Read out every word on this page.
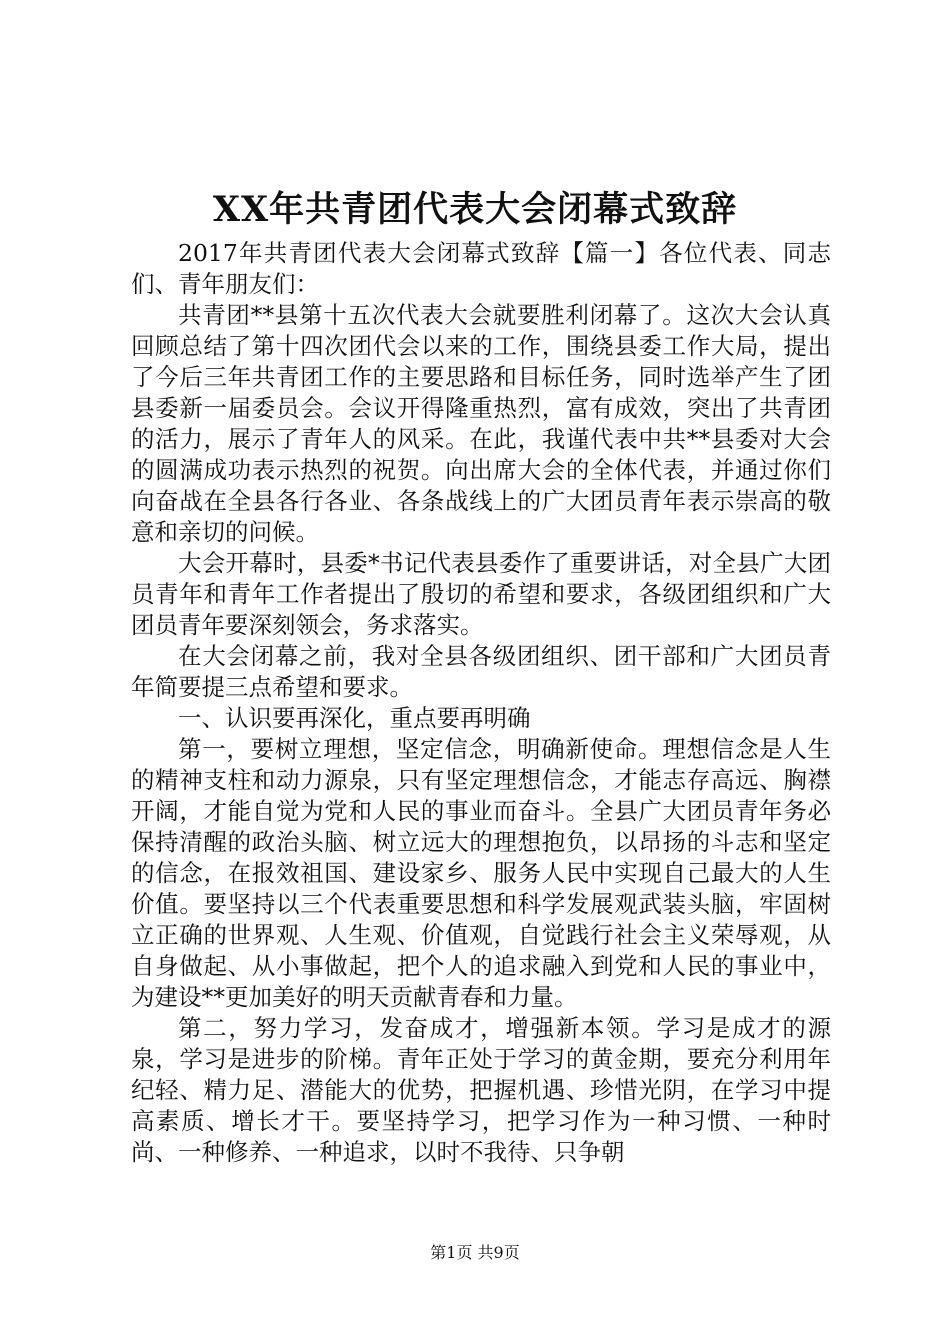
XX年共青团代表大会闭幕式致辞

2017年共青团代表大会闭幕式致辞【篇一】各位代表、同志们、青年朋友们：

共青团**县第十五次代表大会就要胜利闭幕了。这次大会认真回顾总结了第十四次团代会以来的工作，围绕县委工作大局，提出了今后三年共青团工作的主要思路和目标任务，同时选举产生了团县委新一届委员会。会议开得隆重热烈，富有成效，突出了共青团的活力，展示了青年人的风采。在此，我谨代表中共**县委对大会的圆满成功表示热烈的祝贺。向出席大会的全体代表，并通过你们向奋战在全县各行各业、各条战线上的广大团员青年表示崇高的敬意和亲切的问候。

大会开幕时，县委*书记代表县委作了重要讲话，对全县广大团员青年和青年工作者提出了殷切的希望和要求，各级团组织和广大团员青年要深刻领会，务求落实。

在大会闭幕之前，我对全县各级团组织、团干部和广大团员青年简要提三点希望和要求。

一、认识要再深化，重点要再明确

第一，要树立理想，坚定信念，明确新使命。理想信念是人生的精神支柱和动力源泉，只有坚定理想信念，才能志存高远、胸襟开阔，才能自觉为党和人民的事业而奋斗。全县广大团员青年务必保持清醒的政治头脑、树立远大的理想抱负，以昂扬的斗志和坚定的信念，在报效祖国、建设家乡、服务人民中实现自己最大的人生价值。要坚持以三个代表重要思想和科学发展观武装头脑，牢固树立正确的世界观、人生观、价值观，自觉践行社会主义荣辱观，从自身做起、从小事做起，把个人的追求融入到党和人民的事业中，为建设**更加美好的明天贡献青春和力量。

第二，努力学习，发奋成才，增强新本领。学习是成才的源泉，学习是进步的阶梯。青年正处于学习的黄金期，要充分利用年纪轻、精力足、潜能大的优势，把握机遇、珍惜光阴，在学习中提高素质、增长才干。要坚持学习，把学习作为一种习惯、一种时尚、一种修养、一种追求，以时不我待、只争朝

第1页 共9页
